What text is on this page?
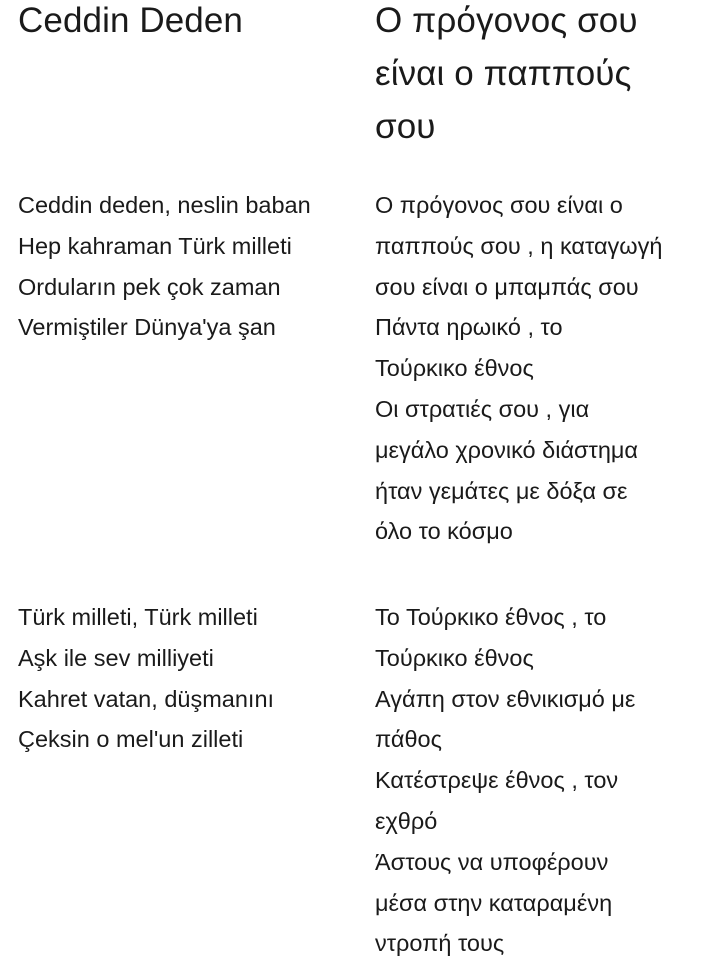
Ceddin Deden
Ceddin deden, neslin baban
Hep kahraman Türk milleti
Orduların pek çok zaman
Vermiştiler Dünya'ya şan
Türk milleti, Türk milleti
Aşk ile sev milliyeti
Kahret vatan, düşmanını
Çeksin o mel'un zilleti
Ο πρόγονος σου
είναι ο παππούς
σου
Ο πρόγονος σου είναι ο
παππούς σου , η καταγωγή
σου είναι ο μπαμπάς σου
Πάντα ηρωικό , το
Τούρκικο έθνος
Οι στρατιές σου , για
μεγάλο χρονικό διάστημα
ήταν γεμάτες με δόξα σε
όλο το κόσμο
Το Τούρκικο έθνος , το
Τούρκικο έθνος
Αγάπη στον εθνικισμό με
πάθος
Κατέστρεψε έθνος , τον
εχθρό
Άστους να υποφέρουν
μέσα στην καταραμένη
ντροπή τους
